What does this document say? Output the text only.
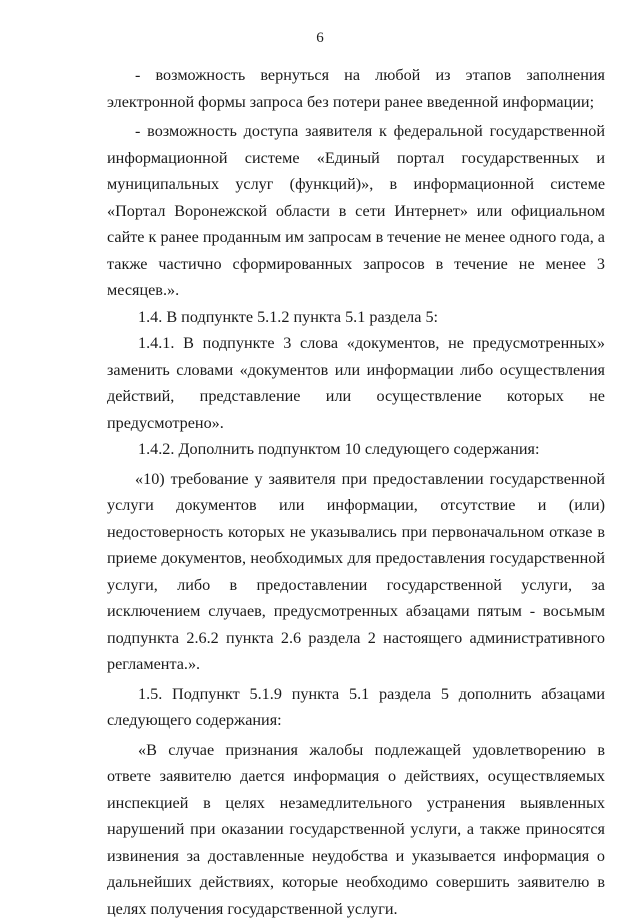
6

- возможность вернуться на любой из этапов заполнения электронной формы запроса без потери ранее введенной информации;

- возможность доступа заявителя к федеральной государственной информационной системе «Единый портал государственных и муниципальных услуг (функций)», в информационной системе «Портал Воронежской области в сети Интернет» или официальном сайте к ранее проданным им запросам в течение не менее одного года, а также частично сформированных запросов в течение не менее 3 месяцев.».

1.4. В подпункте 5.1.2 пункта 5.1 раздела 5:

1.4.1. В подпункте 3 слова «документов, не предусмотренных» заменить словами «документов или информации либо осуществления действий, представление или осуществление которых не предусмотрено».

1.4.2. Дополнить подпунктом 10 следующего содержания:

«10) требование у заявителя при предоставлении государственной услуги документов или информации, отсутствие и (или) недостоверность которых не указывались при первоначальном отказе в приеме документов, необходимых для предоставления государственной услуги, либо в предоставлении государственной услуги, за исключением случаев, предусмотренных абзацами пятым - восьмым подпункта 2.6.2 пункта 2.6 раздела 2 настоящего административного регламента.».

1.5. Подпункт 5.1.9 пункта 5.1 раздела 5 дополнить абзацами следующего содержания:

«В случае признания жалобы подлежащей удовлетворению в ответе заявителю дается информация о действиях, осуществляемых инспекцией в целях незамедлительного устранения выявленных нарушений при оказании государственной услуги, а также приносятся извинения за доставленные неудобства и указывается информация о дальнейших действиях, которые необходимо совершить заявителю в целях получения государственной услуги.
